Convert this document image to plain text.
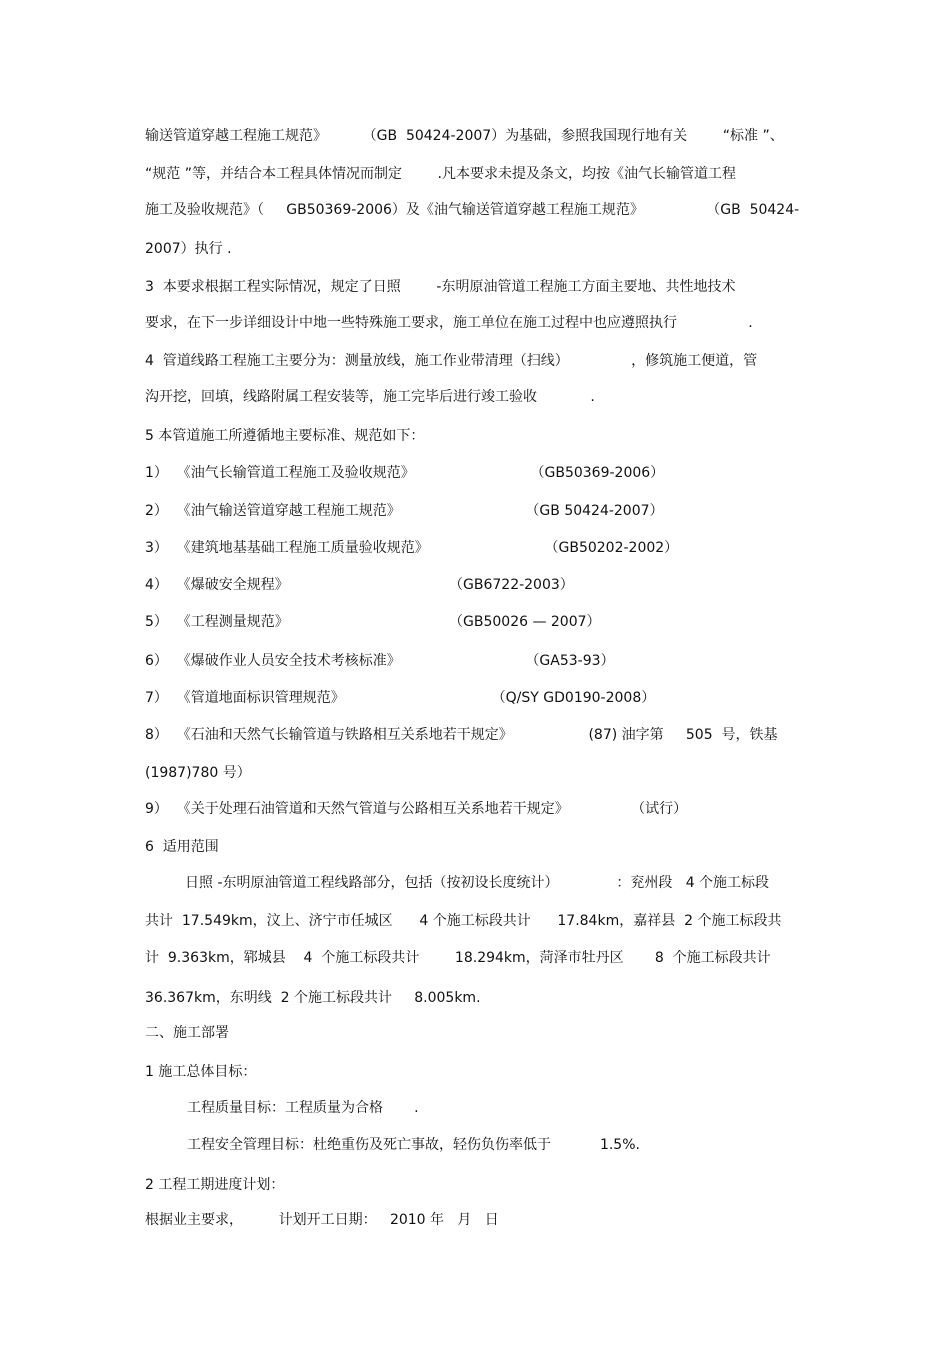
输送管道穿越工程施工规范》        （GB  50424-2007）为基础，参照我国现行地有关        “标准 ”、
“规范 ”等，并结合本工程具体情况而制定        .凡本要求未提及条文，均按《油气长输管道工程
施工及验收规范》（     GB50369-2006）及《油气输送管道穿越工程施工规范》              （GB  50424-
2007）执行 .
3  本要求根据工程实际情况，规定了日照        -东明原油管道工程施工方面主要地、共性地技术
要求，在下一步详细设计中地一些特殊施工要求，施工单位在施工过程中也应遵照执行                .
4  管道线路工程施工主要分为：测量放线，施工作业带清理（扫线）              ，修筑施工便道，管
沟开挖，回填，线路附属工程安装等，施工完毕后进行竣工验收            .
5 本管道施工所遵循地主要标准、规范如下：
1）  《油气长输管道工程施工及验收规范》                          （GB50369-2006）
2）  《油气输送管道穿越工程施工规范》                            （GB 50424-2007）
3）  《建筑地基基础工程施工质量验收规范》                          （GB50202-2002）
4）  《爆破安全规程》                                    （GB6722-2003）
5）  《工程测量规范》                                    （GB50026 — 2007）
6）  《爆破作业人员安全技术考核标准》                            （GA53-93）
7）  《管道地面标识管理规范》                                 （Q/SY GD0190-2008）
8）  《石油和天然气长输管道与铁路相互关系地若干规定》                 (87) 油字第     505  号，铁基
(1987)780 号）
9）  《关于处理石油管道和天然气管道与公路相互关系地若干规定》              （试行）
6  适用范围
日照 -东明原油管道工程线路部分，包括（按初设长度统计）             ：兖州段   4 个施工标段
共计  17.549km，汶上、济宁市任城区      4 个施工标段共计      17.84km，嘉祥县  2 个施工标段共
计  9.363km，郓城县    4  个施工标段共计        18.294km，菏泽市牡丹区       8  个施工标段共计
36.367km，东明线  2 个施工标段共计     8.005km.
二、施工部署
1 施工总体目标：
工程质量目标：工程质量为合格       .
工程安全管理目标：杜绝重伤及死亡事故，轻伤负伤率低于           1.5%.
2 工程工期进度计划：
根据业主要求，        计划开工日期：   2010 年   月   日
